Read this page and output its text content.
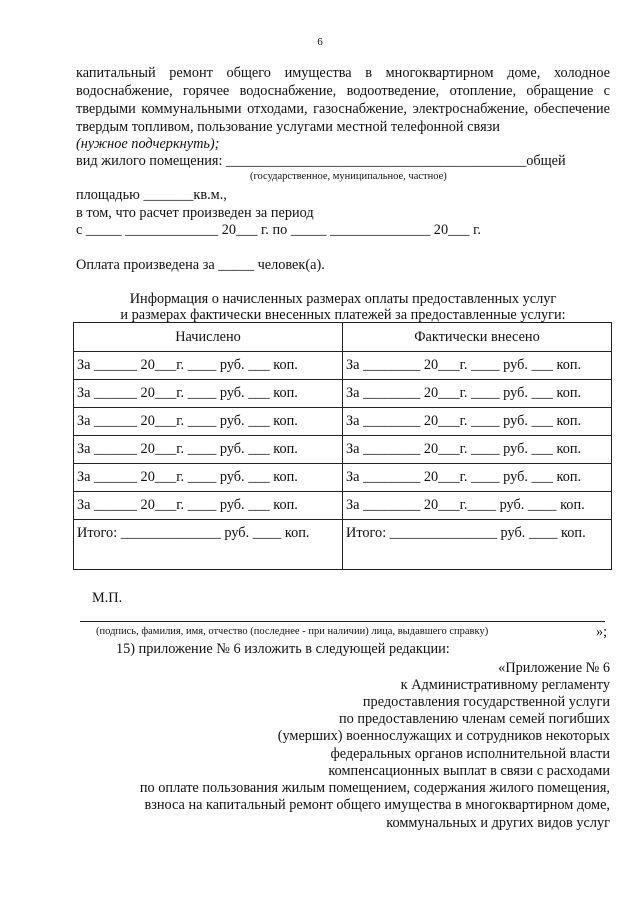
6
капитальный ремонт общего имущества в многоквартирном доме, холодное водоснабжение, горячее водоснабжение, водоотведение, отопление, обращение с твердыми коммунальными отходами, газоснабжение, электроснабжение, обеспечение твердым топливом, пользование услугами местной телефонной связи
(нужное подчеркнуть);
вид жилого помещения: __________________________________________общей
(государственное, муниципальное, частное)
площадью _______кв.м.,
в том, что расчет произведен за период
с _____ _____________ 20___ г. по _____ ______________ 20___ г.
Оплата произведена за _____ человек(а).
Информация о начисленных размерах оплаты предоставленных услуг
и размерах фактически внесенных платежей за предоставленные услуги:
Начислено	Фактически внесено
За ______ 20___г. ____ руб. ___ коп.	За ________ 20___г. ____ руб. ___ коп.
За ______ 20___г. ____ руб. ___ коп.	За ________ 20___г. ____ руб. ___ коп.
За ______ 20___г. ____ руб. ___ коп.	За ________ 20___г. ____ руб. ___ коп.
За ______ 20___г. ____ руб. ___ коп.	За ________ 20___г. ____ руб. ___ коп.
За ______ 20___г. ____ руб. ___ коп.	За ________ 20___г. ____ руб. ___ коп.
За ______ 20___г. ____ руб. ___ коп.	За ________ 20___г.____ руб. ____ коп.
Итого: ______________ руб. ____ коп.	Итого: _______________ руб. ____ коп.
М.П.
(подпись, фамилия, имя, отчество (последнее - при наличии) лица, выдавшего справку)	»;
15) приложение № 6 изложить в следующей редакции:
«Приложение № 6
к Административному регламенту
предоставления государственной услуги
по предоставлению членам семей погибших
(умерших) военнослужащих и сотрудников некоторых
федеральных органов исполнительной власти
компенсационных выплат в связи с расходами
по оплате пользования жилым помещением, содержания жилого помещения,
взноса на капитальный ремонт общего имущества в многоквартирном доме,
коммунальных и других видов услуг
